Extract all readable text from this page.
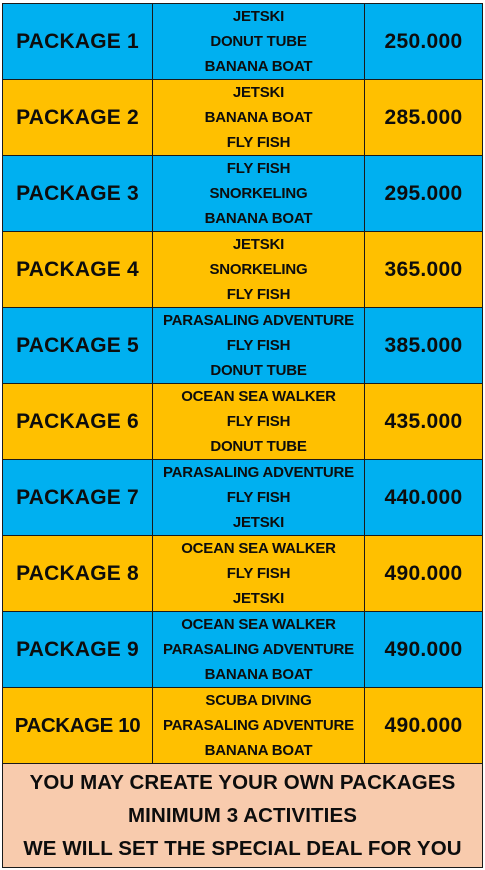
PACKAGE 1	JETSKI
DONUT TUBE
BANANA BOAT	250.000
PACKAGE 2	JETSKI
BANANA BOAT
FLY FISH	285.000
PACKAGE 3	FLY FISH
SNORKELING
BANANA BOAT	295.000
PACKAGE 4	JETSKI
SNORKELING
FLY FISH	365.000
PACKAGE 5	PARASALING ADVENTURE
FLY FISH
DONUT TUBE	385.000
PACKAGE 6	OCEAN SEA WALKER
FLY FISH
DONUT TUBE	435.000
PACKAGE 7	PARASALING ADVENTURE
FLY FISH
JETSKI	440.000
PACKAGE 8	OCEAN SEA WALKER
FLY FISH
JETSKI	490.000
PACKAGE 9	OCEAN SEA WALKER
PARASALING ADVENTURE
BANANA BOAT	490.000
PACKAGE 10	SCUBA DIVING
PARASALING ADVENTURE
BANANA BOAT	490.000

YOU MAY CREATE YOUR OWN PACKAGES
MINIMUM 3 ACTIVITIES
WE WILL SET THE SPECIAL DEAL FOR YOU		
